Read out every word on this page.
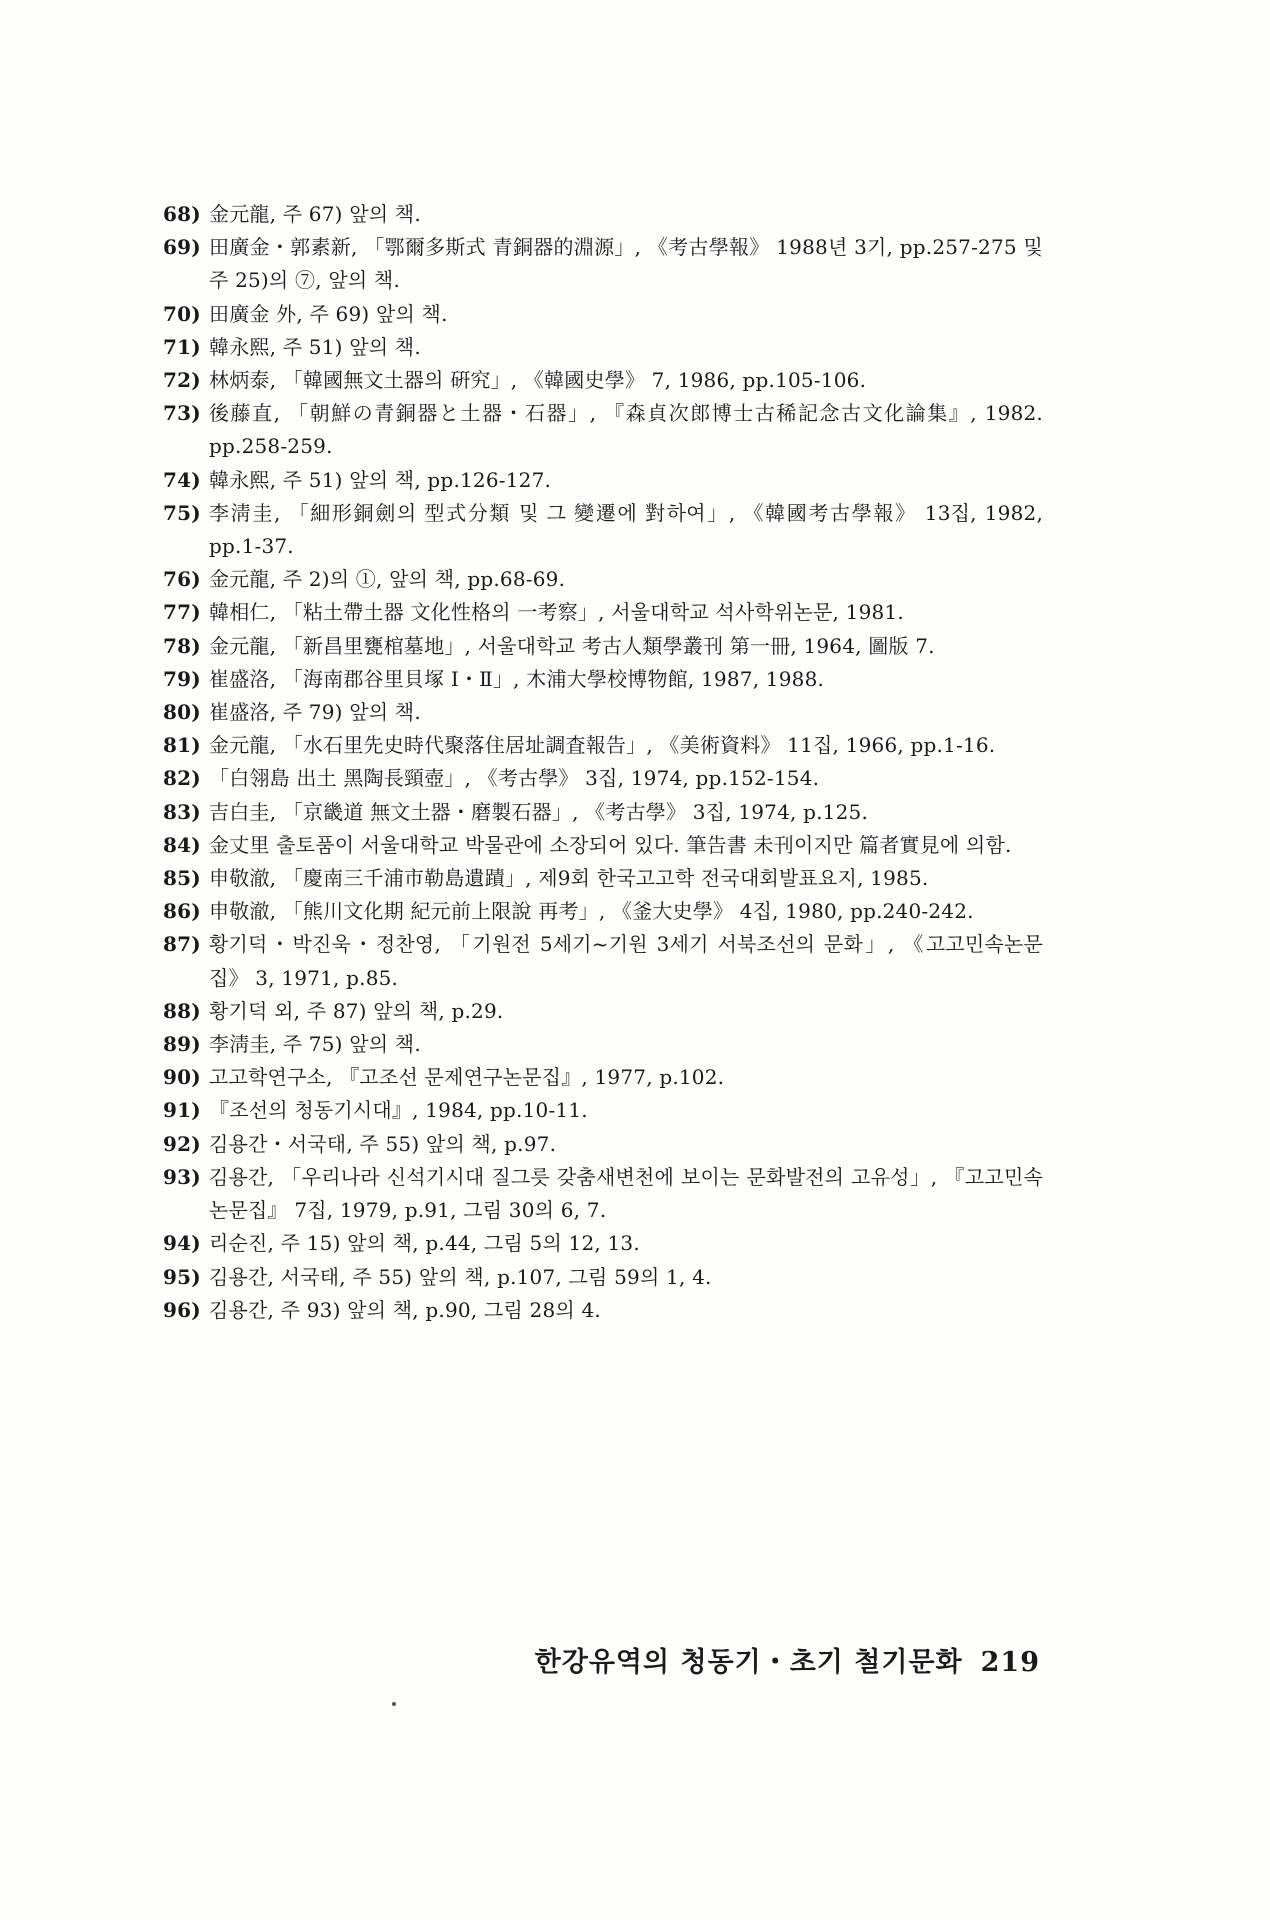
68) 金元龍, 주 67) 앞의 책.
69) 田廣金・郭素新, 「鄂爾多斯式 青銅器的淵源」, 《考古學報》 1988년 3기, pp.257-275 및 주 25)의 ⑦, 앞의 책.
70) 田廣金 外, 주 69) 앞의 책.
71) 韓永熙, 주 51) 앞의 책.
72) 林炳泰, 「韓國無文土器의 硏究」, 《韓國史學》 7, 1986, pp.105-106.
73) 後藤直, 「朝鮮の青銅器と土器・石器」, 『森貞次郎博士古稀記念古文化論集』, 1982. pp.258-259.
74) 韓永熙, 주 51) 앞의 책, pp.126-127.
75) 李淸圭, 「細形銅劍의 型式分類 및 그 變遷에 對하여」, 《韓國考古學報》 13집, 1982, pp.1-37.
76) 金元龍, 주 2)의 ①, 앞의 책, pp.68-69.
77) 韓相仁, 「粘土帶土器 文化性格의 一考察」, 서울대학교 석사학위논문, 1981.
78) 金元龍, 「新昌里甕棺墓地」, 서울대학교 考古人類學叢刊 第一冊, 1964, 圖版 7.
79) 崔盛洛, 「海南郡谷里貝塚 Ⅰ・Ⅱ」, 木浦大學校博物館, 1987, 1988.
80) 崔盛洛, 주 79) 앞의 책.
81) 金元龍, 「水石里先史時代聚落住居址調査報告」, 《美術資料》 11집, 1966, pp.1-16.
82) 「白翎島 出土 黑陶長頸壺」, 《考古學》 3집, 1974, pp.152-154.
83) 吉白圭, 「京畿道 無文土器・磨製石器」, 《考古學》 3집, 1974, p.125.
84) 金丈里 출토품이 서울대학교 박물관에 소장되어 있다. 筆告書 未刊이지만 篇者實見에 의함.
85) 申敬澈, 「慶南三千浦市勒島遺蹟」, 제9회 한국고고학 전국대회발표요지, 1985.
86) 申敬澈, 「熊川文化期 紀元前上限說 再考」, 《釜大史學》 4집, 1980, pp.240-242.
87) 황기덕・박진욱・정찬영, 「기원전 5세기~기원 3세기 서북조선의 문화」, 《고고민속논문집》 3, 1971, p.85.
88) 황기덕 외, 주 87) 앞의 책, p.29.
89) 李淸圭, 주 75) 앞의 책.
90) 고고학연구소, 『고조선 문제연구논문집』, 1977, p.102.
91) 『조선의 청동기시대』, 1984, pp.10-11.
92) 김용간・서국태, 주 55) 앞의 책, p.97.
93) 김용간, 「우리나라 신석기시대 질그릇 갖춤새변천에 보이는 문화발전의 고유성」, 『고고민속논문집』 7집, 1979, p.91, 그림 30의 6, 7.
94) 리순진, 주 15) 앞의 책, p.44, 그림 5의 12, 13.
95) 김용간, 서국태, 주 55) 앞의 책, p.107, 그림 59의 1, 4.
96) 김용간, 주 93) 앞의 책, p.90, 그림 28의 4.
한강유역의 청동기・초기 철기문화 219
